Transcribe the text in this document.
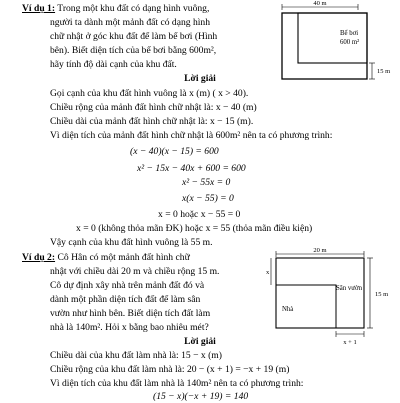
Ví dụ 1: Trong một khu đất có dạng hình vuông,
người ta dành một mảnh đất có dạng hình
chữ nhật ở góc khu đất để làm bể bơi (Hình
bên). Biết diện tích của bể bơi bằng 600m²,
hãy tính độ dài cạnh của khu đất.
Lời giải
Gọi cạnh của khu đất hình vuông là x (m) ( x > 40).
Chiều rộng của mảnh đất hình chữ nhật là: x − 40 (m)
Chiều dài của mảnh đất hình chữ nhật là: x − 15 (m).
Vì diện tích của mảnh đất hình chữ nhật là 600m² nên ta có phương trình:
(x − 40)(x − 15) = 600
x² − 15x − 40x + 600 = 600
x² − 55x = 0
x(x − 55) = 0
x = 0 hoặc x − 55 = 0
x = 0 (không thỏa mãn ĐK) hoặc x = 55 (thỏa mãn điều kiện)
Vậy cạnh của khu đất hình vuông là 55 m.
40 m
Bể bơi
600 m²
15 m
Ví dụ 2: Cô Hân có một mảnh đất hình chữ
nhật với chiều dài 20 m và chiều rộng 15 m.
Cô dự định xây nhà trên mảnh đất đó và
dành một phần diện tích đất để làm sân
vườn như hình bên. Biết diện tích đất làm
nhà là 140m². Hỏi x bằng bao nhiêu mét?
Lời giải
Chiều dài của khu đất làm nhà là: 15 − x (m)
Chiều rộng của khu đất làm nhà là: 20 − (x + 1) = −x + 19 (m)
Vì diện tích của khu đất làm nhà là 140m² nên ta có phương trình:
(15 − x)(−x + 19) = 140
20 m
x
Sân vườn
Nhà
15 m
x + 1
